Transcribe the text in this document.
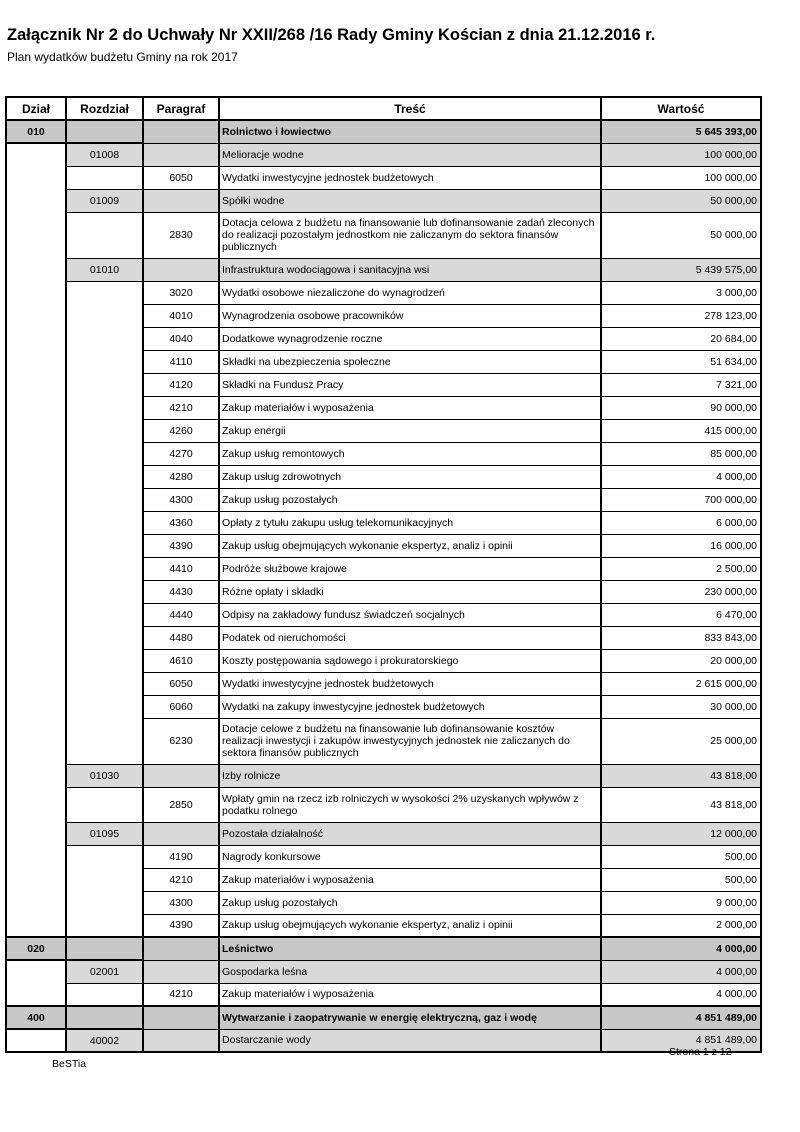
Załącznik Nr 2 do Uchwały Nr XXII/268 /16 Rady Gminy Kościan z dnia 21.12.2016 r.
Plan wydatków budżetu Gminy na rok 2017
Dział	Rozdział	Paragraf	Treść	Wartość
010			Rolnictwo i łowiectwo	5 645 393,00
	01008		Melioracje wodne	100 000,00
		6050	Wydatki inwestycyjne jednostek budżetowych	100 000,00
	01009		Spółki wodne	50 000,00
		2830	Dotacja celowa z budżetu na finansowanie lub dofinansowanie zadań zleconych do realizacji pozostałym jednostkom nie zaliczanym do sektora finansów publicznych	50 000,00
	01010		Infrastruktura wodociągowa i sanitacyjna wsi	5 439 575,00
		3020	Wydatki osobowe niezaliczone do wynagrodzeń	3 000,00
		4010	Wynagrodzenia osobowe pracowników	278 123,00
		4040	Dodatkowe wynagrodzenie roczne	20 684,00
		4110	Składki na ubezpieczenia społeczne	51 634,00
		4120	Składki na Fundusz Pracy	7 321,00
		4210	Zakup materiałów i wyposażenia	90 000,00
		4260	Zakup energii	415 000,00
		4270	Zakup usług remontowych	85 000,00
		4280	Zakup usług zdrowotnych	4 000,00
		4300	Zakup usług pozostałych	700 000,00
		4360	Opłaty z tytułu zakupu usług telekomunikacyjnych	6 000,00
		4390	Zakup usług obejmujących wykonanie ekspertyz, analiz i opinii	16 000,00
		4410	Podróże służbowe krajowe	2 500,00
		4430	Różne opłaty i składki	230 000,00
		4440	Odpisy na zakładowy fundusz świadczeń socjalnych	6 470,00
		4480	Podatek od nieruchomości	833 843,00
		4610	Koszty postępowania sądowego i prokuratorskiego	20 000,00
		6050	Wydatki inwestycyjne jednostek budżetowych	2 615 000,00
		6060	Wydatki na zakupy inwestycyjne jednostek budżetowych	30 000,00
		6230	Dotacje celowe z budżetu na finansowanie lub dofinansowanie kosztów realizacji inwestycji i zakupów inwestycyjnych jednostek nie zaliczanych do sektora finansów publicznych	25 000,00
	01030		Izby rolnicze	43 818,00
		2850	Wpłaty gmin na rzecz izb rolniczych w wysokości 2% uzyskanych wpływów z podatku rolnego	43 818,00
	01095		Pozostała działalność	12 000,00
		4190	Nagrody konkursowe	500,00
		4210	Zakup materiałów i wyposażenia	500,00
		4300	Zakup usług pozostałych	9 000,00
		4390	Zakup usług obejmujących wykonanie ekspertyz, analiz i opinii	2 000,00
020			Leśnictwo	4 000,00
	02001		Gospodarka leśna	4 000,00
		4210	Zakup materiałów i wyposażenia	4 000,00
400			Wytwarzanie i zaopatrywanie w energię elektryczną, gaz i wodę	4 851 489,00
	40002		Dostarczanie wody	4 851 489,00
BeSTia
Strona 1 z 12
